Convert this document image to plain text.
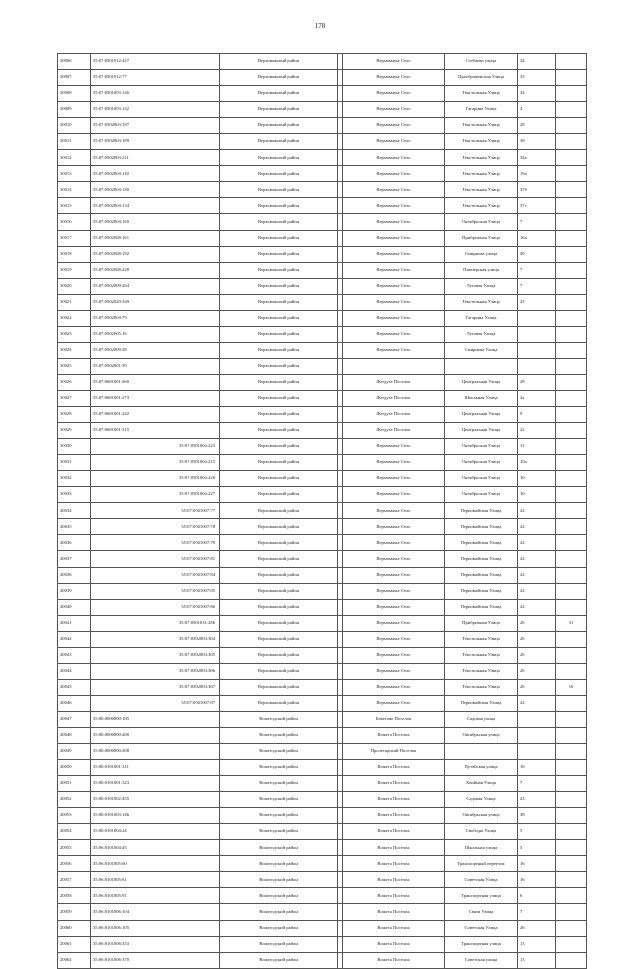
178
20006	35:07:0501012:427	Верховажский район		Верховажье Село	Стебаева улица	24	
20007	35:07:0501012:77	Верховажский район		Верховажье Село	Преображенская Улица	33	
20008	35:07:0501003:146	Верховажский район		Верховажье Село	Текстильная Улица	34	
20009	35:07:0501003:132	Верховажский район		Верховажье Село	Гагарина Улица	4	
20010	35:07:0502003:187	Верховажский район		Верховажье Село	Текстильная Улица	28	
20011	35:07:0502003:189	Верховажский район		Верховажье Село	Текстильная Улица	30	
20012	35:07:0502003:211	Верховажский район		Верховажье Село	Текстильная Улица	34а	
20013	35:07:0502004:118	Верховажский район		Верховажье Село	Текстильная Улица	19а	
20014	35:07:0502004:130	Верховажский район		Верховажье Село	Текстильная Улица	37б	
20015	35:07:0502004:134	Верховажский район		Верховажье Село	Текстильная Улица	37г	
20016	35:07:0502004:160	Верховажский район		Верховажье Село	Октябрьская Улица	7	
20017	35:07:0502008:161	Верховажский район		Верховажье Село	Прибрежная Улица	16а	
20018	35:07:0502008:192	Верховажский район		Верховажье Село	Смирнова улица	49	
20019	35:07:0502008:228	Верховажский район		Верховажье Село	Пионерская улица	7	
20020	35:07:0502009:264	Верховажский район		Верховажье Село	Луговая Улица	7	
20021	35:07:0502020:349	Верховажский район		Верховажье Село	Текстильная Улица	25	
20022	35:07:0502004:79	Верховажский район		Верховажье Село	Гагарина Улица		
20023	35:07:0502005:16	Верховажский район		Верховажье Село	Луговая Улица		
20024	35:07:0502009:28	Верховажский район		Верховажье Село	Смирнова Улица		
20025	35:07:0502001:59	Верховажский район					
20026	35:07:0601001:260	Верховажский район		Фатдуга Поселок	Центральная Улица	28	
20027	35:07:0601001:273	Верховажский район		Фатдуга Поселок	Школьная Улица	2а	
20028	35:07:0601001:242	Верховажский район		Фатдуга Поселок	Центральная Улица	9	
20029	35:07:0601001:315	Верховажский район		Фатдуга Поселок	Центральная Улица	22	
20030	35:07:0501004:223	Верховажский район		Верховажье Село	Октябрьская Улица	13	
20031	35:07:0501004:215	Верховажский район		Верховажье Село	Октябрьская Улица	10а	
20032	35:07:0501004:226	Верховажский район		Верховажье Село	Октябрьская Улица	10	
20033	35:07:0501004:227	Верховажский район		Верховажье Село	Октябрьская Улица	10	
20034	35:07:0501007:77	Верховажский район		Верховажье Село	Первомайская Улица	22	
20035	35:07:0501007:78	Верховажский район		Верховажье Село	Первомайская Улица	22	
20036	35:07:0501007:79	Верховажский район		Верховажье Село	Первомайская Улица	22	
20037	35:07:0501007:81	Верховажский район		Верховажье Село	Первомайская Улица	22	
20038	35:07:0501007:84	Верховажский район		Верховажье Село	Первомайская Улица	22	
20039	35:07:0501007:85	Верховажский район		Верховажье Село	Первомайская Улица	22	
20040	35:07:0501007:86	Верховажский район		Верховажье Село	Первомайская Улица	22	
20041	35:07:0501031:286	Верховажский район		Верховажье Село	Прибрежная Улица	26	31
20042	35:07:0502003:304	Верховажский район		Верховажье Село	Текстильная Улица	26	
20043	35:07:0502003:305	Верховажский район		Верховажье Село	Текстильная Улица	26	
20044	35:07:0502003:306	Верховажский район		Верховажье Село	Текстильная Улица	26	
20045	35:07:0502003:307	Верховажский район		Верховажье Село	Текстильная Улица	26	16
20046	35:07:0501007:87	Верховажский район		Верховажье Село	Первомайская Улица	22	
20047	35:06:0000000:185	Вожегодский район		Бекетово Поселок	Садовая улица		
20048	35:06:0000000:200	Вожегодский район		Вожега Поселок	Октябрьская улица		
20049	35:06:0000000:208	Вожегодский район		Пролетарский Поселок			
20050	35:06:0101001:311	Вожегодский район		Вожега Поселок	Путейская улица	16	
20051	35:06:0101001:323	Вожегодский район		Вожега Поселок	Хвойная Улица	7	
20052	35:06:0101002:455	Вожегодский район		Вожега Поселок	Садовая Улица	23	
20053	35:06:0101003:146	Вожегодский район		Вожега Поселок	Октябрьская улица	38	
20054	35:06:0101004:24	Вожегодский район		Вожега Поселок	Свободы Улица	5	
20055	35:06:0101004:43	Вожегодский район		Вожега Поселок	Школьная улица	5	
20056	35:06:0101005:60	Вожегодский район		Вожега Поселок	Транспортный переулок	16	
20057	35:06:0101005:61	Вожегодский район		Вожега Поселок	Советская Улица	16	
20058	35:06:0101005:91	Вожегодский район		Вожега Поселок	Транспортная улица	6	
20059	35:06:0101006:104	Вожегодский район		Вожега Поселок	Связи Улица	7	
20060	35:06:0101006:105	Вожегодский район		Вожега Поселок	Советская Улица	26	
20061	35:06:0101006:353	Вожегодский район		Вожега Поселок	Транспортная улица	13	
20062	35:06:0101006:370	Вожегодский район		Вожега Поселок	Советская улица	13	
